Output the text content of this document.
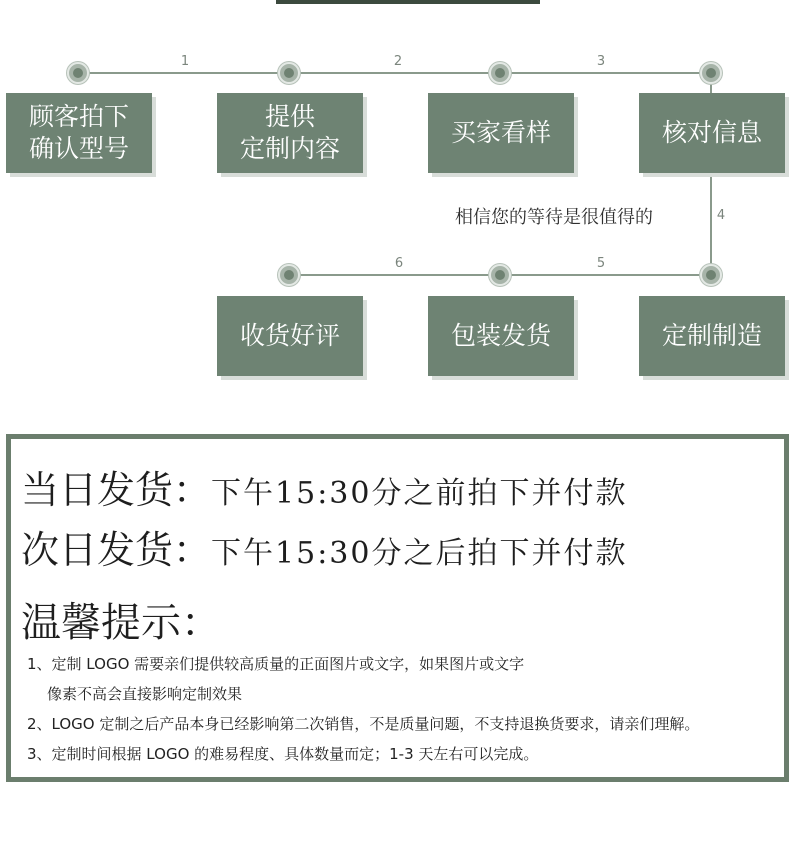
1	2	3
4
5
6
顾客拍下
确认型号
提供
定制内容
买家看样	核对信息
相信您的等待是很值得的
定制制造
包装发货
收货好评
当日发货：下午15:30分之前拍下并付款
次日发货：下午15:30分之后拍下并付款
温馨提示：
1、定制 LOGO 需要亲们提供较高质量的正面图片或文字，如果图片或文字
像素不高会直接影响定制效果
2、LOGO 定制之后产品本身已经影响第二次销售，不是质量问题，不支持退换货要求，请亲们理解。
3、定制时间根据 LOGO 的难易程度、具体数量而定；1-3 天左右可以完成。
